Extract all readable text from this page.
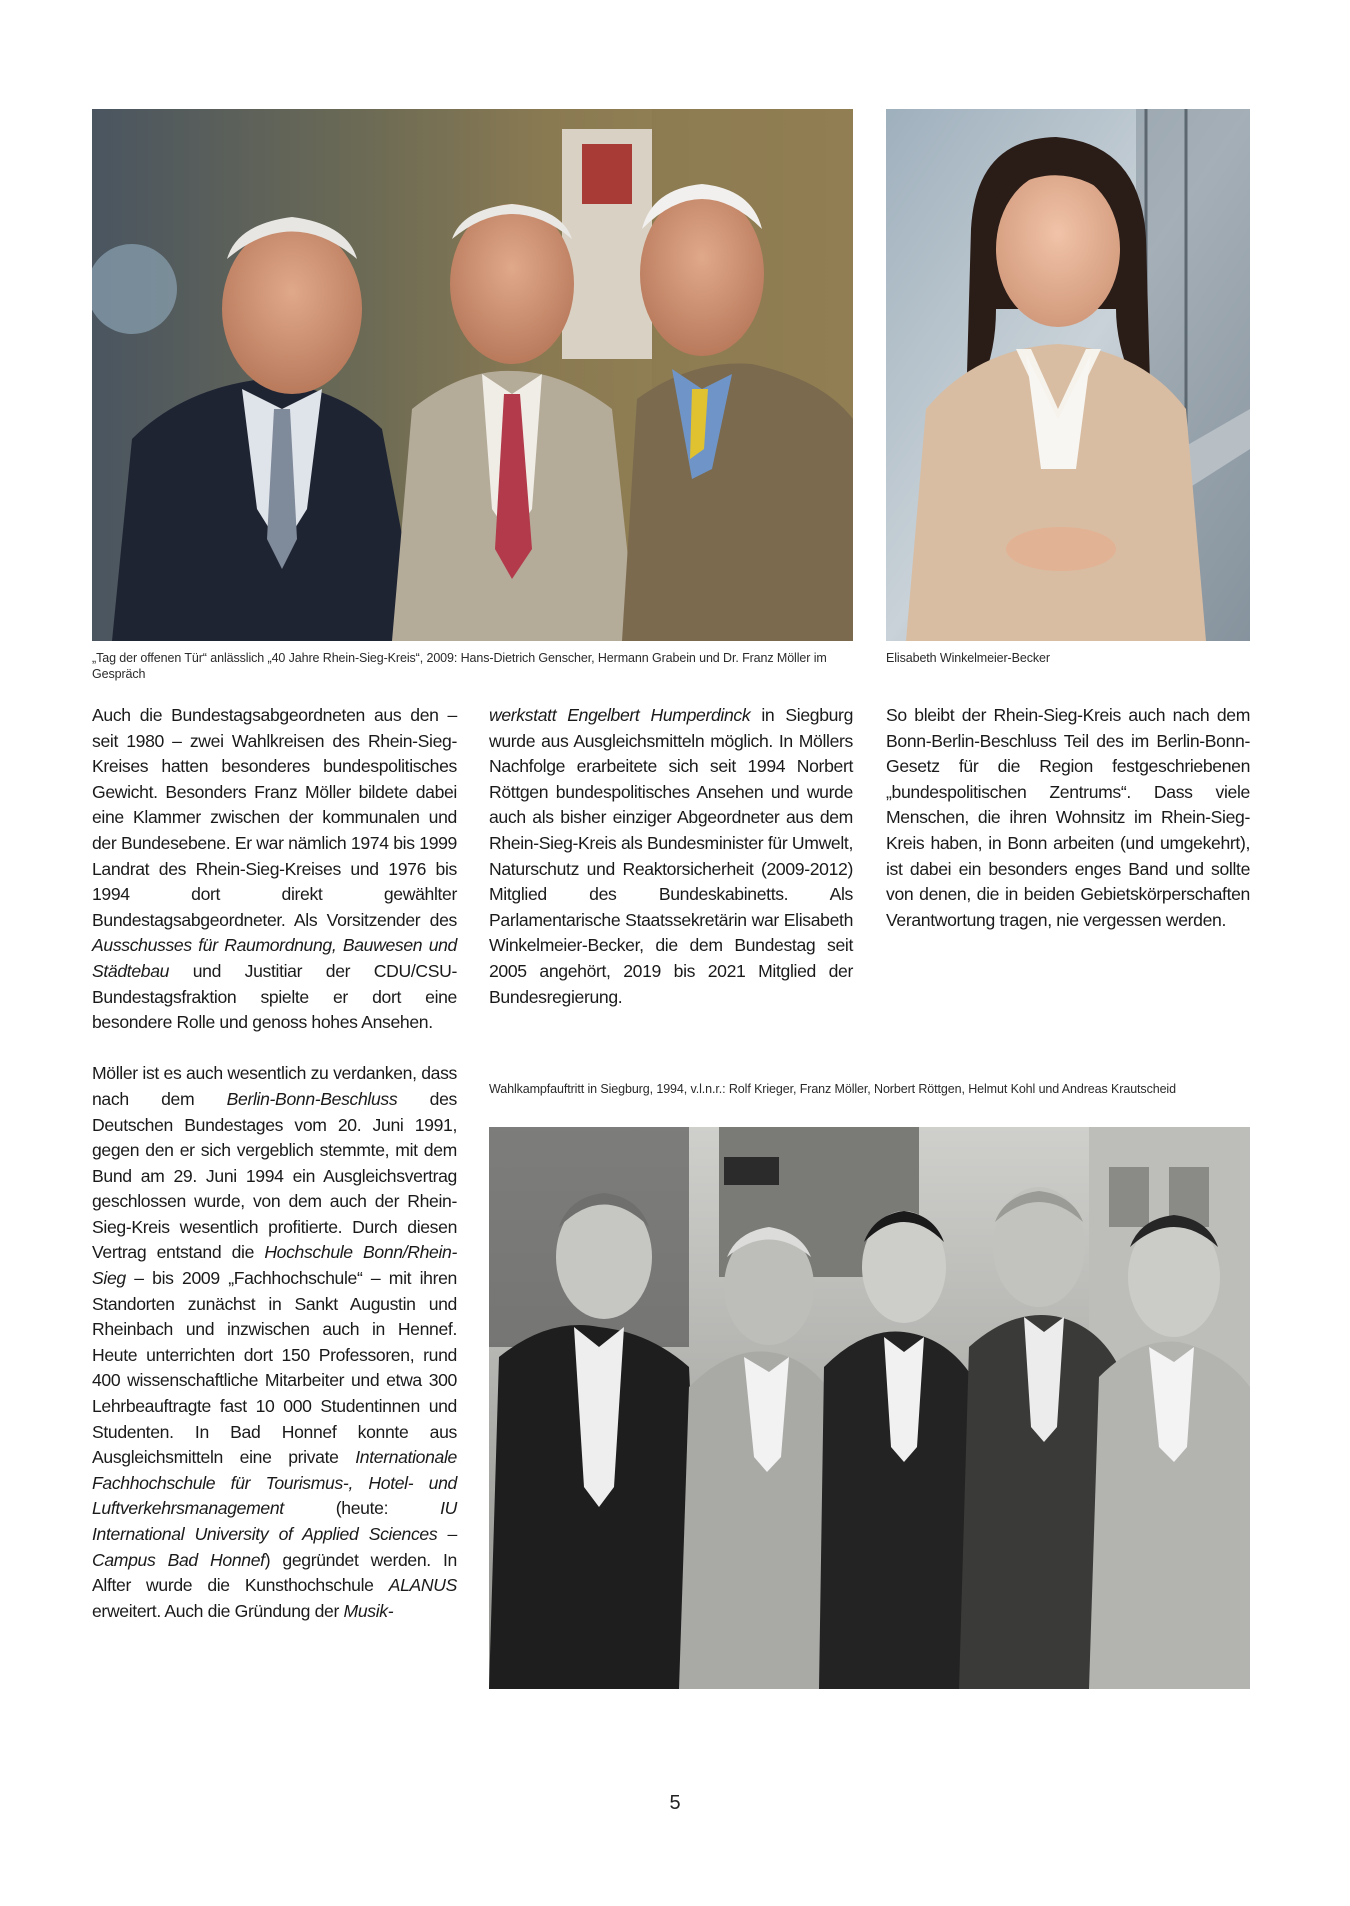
„Tag der offenen Tür“ anlässlich „40 Jahre Rhein-Sieg-Kreis“, 2009: Hans-Dietrich Genscher, Hermann Grabein und Dr. Franz Möller im Gespräch
Elisabeth Winkelmeier-Becker
Wahlkampfauftritt in Siegburg, 1994, v.l.n.r.: Rolf Krieger, Franz Möller, Norbert Röttgen, Helmut Kohl und Andreas Krautscheid

Auch die Bundestagsabgeordneten aus den – seit 1980 – zwei Wahlkreisen des Rhein-Sieg-Kreises hatten besonderes bundespolitisches Gewicht. Besonders Franz Möller bildete dabei eine Klammer zwischen der kommunalen und der Bundesebene. Er war nämlich 1974 bis 1999 Landrat des Rhein-Sieg-Kreises und 1976 bis 1994 dort direkt gewählter Bundestagsabgeordneter. Als Vorsitzender des Ausschusses für Raumordnung, Bauwesen und Städtebau und Justitiar der CDU/CSU-Bundestagsfraktion spielte er dort eine besondere Rolle und genoss hohes Ansehen.

Möller ist es auch wesentlich zu verdanken, dass nach dem Berlin-Bonn-Beschluss des Deutschen Bundestages vom 20. Juni 1991, gegen den er sich vergeblich stemmte, mit dem Bund am 29. Juni 1994 ein Ausgleichsvertrag geschlossen wurde, von dem auch der Rhein-Sieg-Kreis wesentlich profitierte. Durch diesen Vertrag entstand die Hochschule Bonn/Rhein-Sieg – bis 2009 „Fachhochschule“ – mit ihren Standorten zunächst in Sankt Augustin und Rheinbach und inzwischen auch in Hennef. Heute unterrichten dort 150 Professoren, rund 400 wissenschaftliche Mitarbeiter und etwa 300 Lehrbeauftragte fast 10 000 Studentinnen und Studenten. In Bad Honnef konnte aus Ausgleichsmitteln eine private Internationale Fachhochschule für Tourismus-, Hotel- und Luftverkehrsmanagement (heute: IU International University of Applied Sciences – Campus Bad Honnef) gegründet werden. In Alfter wurde die Kunsthochschule ALANUS erweitert. Auch die Gründung der Musik-

werkstatt Engelbert Humperdinck in Siegburg wurde aus Ausgleichsmitteln möglich. In Möllers Nachfolge erarbeitete sich seit 1994 Norbert Röttgen bundespolitisches Ansehen und wurde auch als bisher einziger Abgeordneter aus dem Rhein-Sieg-Kreis als Bundesminister für Umwelt, Naturschutz und Reaktorsicherheit (2009-2012) Mitglied des Bundeskabinetts. Als Parlamentarische Staatssekretärin war Elisabeth Winkelmeier-Becker, die dem Bundestag seit 2005 angehört, 2019 bis 2021 Mitglied der Bundesregierung.

So bleibt der Rhein-Sieg-Kreis auch nach dem Bonn-Berlin-Beschluss Teil des im Berlin-Bonn-Gesetz für die Region festgeschriebenen „bundespolitischen Zentrums“. Dass viele Menschen, die ihren Wohnsitz im Rhein-Sieg-Kreis haben, in Bonn arbeiten (und umgekehrt), ist dabei ein besonders enges Band und sollte von denen, die in beiden Gebietskörperschaften Verantwortung tragen, nie vergessen werden.

5
